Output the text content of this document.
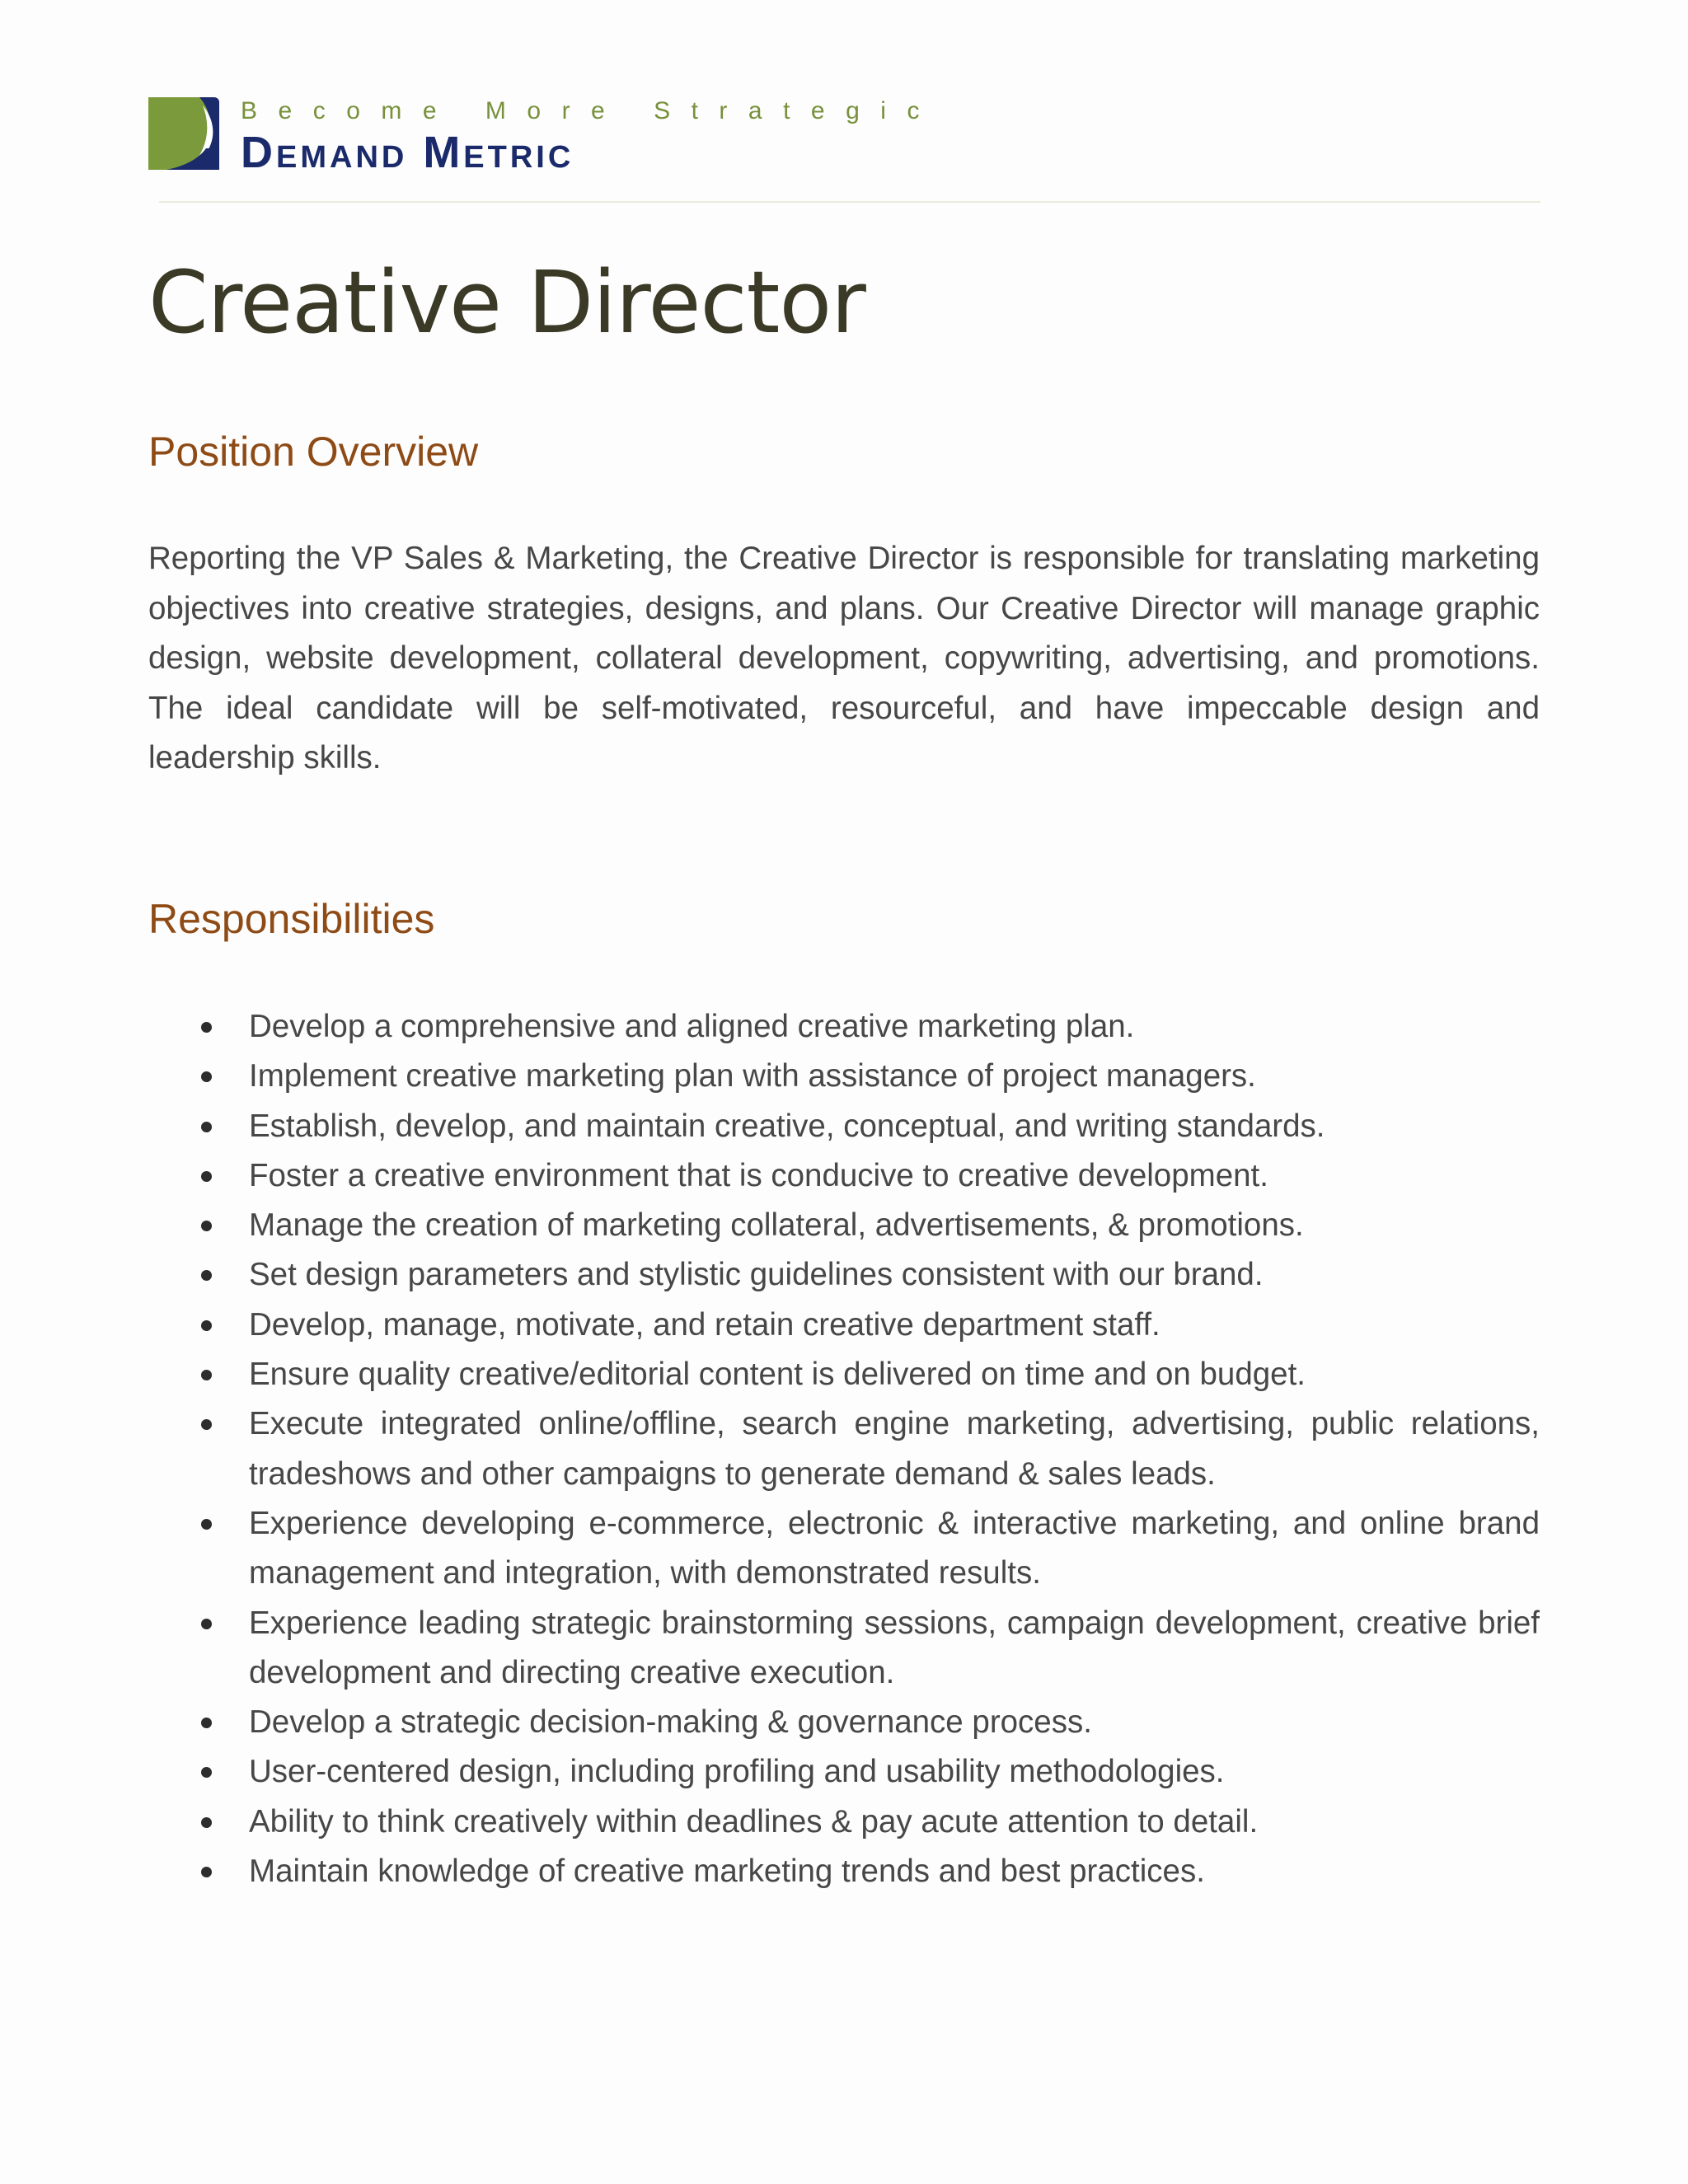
Become More Strategic
Demand Metric
Creative Director
Position Overview

Reporting the VP Sales & Marketing, the Creative Director is responsible for translating marketing objectives into creative strategies, designs, and plans. Our Creative Director will manage graphic design, website development, collateral development, copywriting, advertising, and promotions. The ideal candidate will be self-motivated, resourceful, and have impeccable design and leadership skills.

Responsibilities
Develop a comprehensive and aligned creative marketing plan.
Implement creative marketing plan with assistance of project managers.
Establish, develop, and maintain creative, conceptual, and writing standards.
Foster a creative environment that is conducive to creative development.
Manage the creation of marketing collateral, advertisements, & promotions.
Set design parameters and stylistic guidelines consistent with our brand.
Develop, manage, motivate, and retain creative department staff.
Ensure quality creative/editorial content is delivered on time and on budget.
Execute integrated online/offline, search engine marketing, advertising, public relations, tradeshows and other campaigns to generate demand & sales leads.
Experience developing e-commerce, electronic & interactive marketing, and online brand management and integration, with demonstrated results.
Experience leading strategic brainstorming sessions, campaign development, creative brief development and directing creative execution.
Develop a strategic decision-making & governance process.
User-centered design, including profiling and usability methodologies.
Ability to think creatively within deadlines & pay acute attention to detail.
Maintain knowledge of creative marketing trends and best practices.
